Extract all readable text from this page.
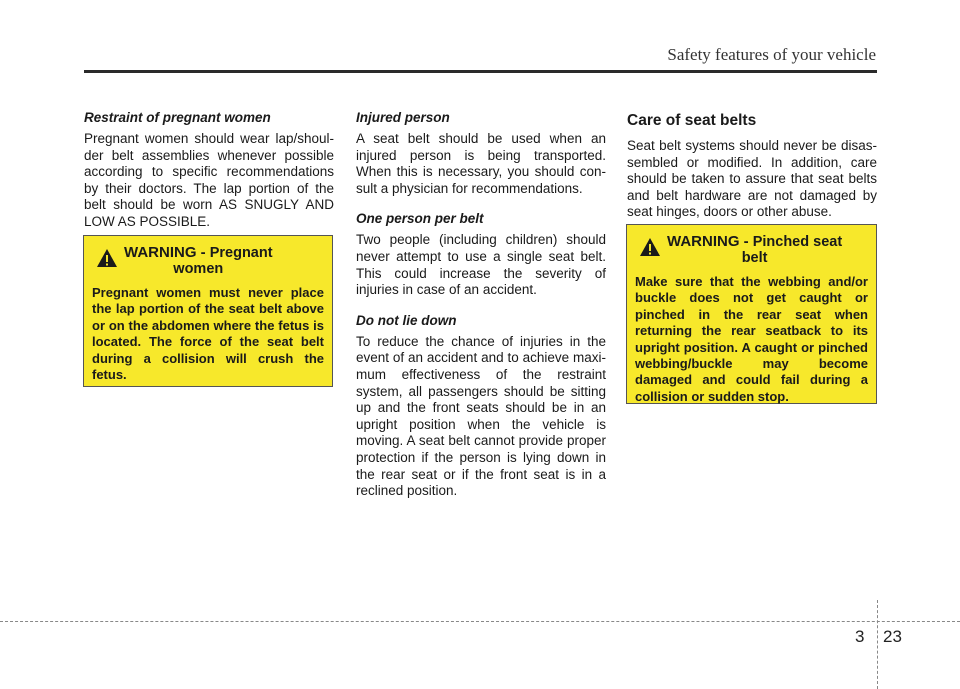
Safety features of your vehicle
Restraint of pregnant women
Pregnant women should wear lap/shoul-der belt assemblies whenever possible according to specific recommendations by their doctors. The lap portion of the belt should be worn AS SNUGLY AND LOW AS POSSIBLE.
WARNING - Pregnant
women
Pregnant women must never place the lap portion of the seat belt above or on the abdomen where the fetus is located. The force of the seat belt during a collision will crush the fetus.
Injured person
A seat belt should be used when an injured person is being transported. When this is necessary, you should con-sult a physician for recommendations.
One person per belt
Two people (including children) should never attempt to use a single seat belt. This could increase the severity of injuries in case of an accident.
Do not lie down
To reduce the chance of injuries in the event of an accident and to achieve maxi-mum effectiveness of the restraint system, all passengers should be sitting up and the front seats should be in an upright position when the vehicle is moving. A seat belt cannot provide proper protection if the person is lying down in the rear seat or if the front seat is in a reclined position.
Care of seat belts
Seat belt systems should never be disas-sembled or modified. In addition, care should be taken to assure that seat belts and belt hardware are not damaged by seat hinges, doors or other abuse.
WARNING - Pinched seat
belt
Make sure that the webbing and/or buckle does not get caught or pinched in the rear seat when returning the rear seatback to its upright position. A caught or pinched webbing/buckle may become damaged and could fail during a collision or sudden stop.
3 23
